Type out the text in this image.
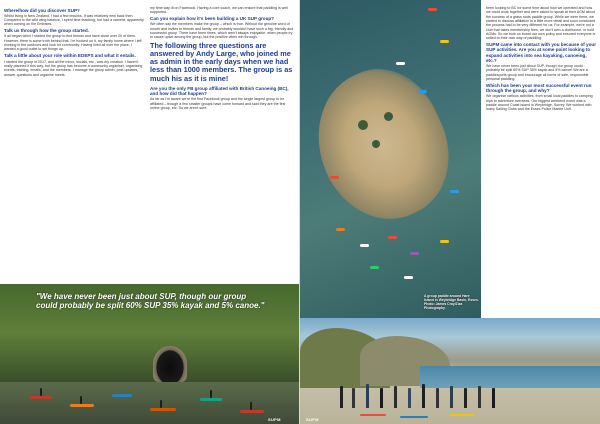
Where/how did you discover SUP?

Whilst living in New Zealand, I had a few lessons. It was relatively new back then. Compared to the wild wing balance, I spent time teaching, but had a camera, apparently when coming on the Emirates.

Talk us through how the group started.

It all began when I started the group to find friends and have close over 20 of them. However, there is some truth behind that. I'm hooked on it, my family home where I left working in the outdoors and look for community. Having lived all over the place, I wanted a good outlet to set things up.

Talk a little about your role within EDEPS and what it entails.

I started the group in 2017, and all the inbox, socials, etc., was my creation. I haven't really planned it this way, but the group has become a community organiser, organising events, training, emails, and the members. I manage the group admin, post updates, answer questions and organise meets.

my time way lit on Facebook. Having a core coach, we can ensure that paddling is well supported.

Can you explain how it's been building a UK SUP group?

We often say the members make the group – which is true. Without the genuine word of mouth and invites to friends and family, we probably wouldn't have such a big, friendly and successful group. There have been times, which aren't always enjoyable, when people try to cause upset among the group, but the positive vibes win through.

The following three questions are answered by Andy Large, who joined me as admin in the early days when we had less than 1000 members. The group is as much his as it is mine!
Are you the only FB group affiliated with British Canoeing (BC), and how did that happen?

As far as I'm aware we're the first Facebook group and the single largest group to be affiliated – though a few smaller groups have come forward and said they are the first online group, etc. So we aren't sure.

"We have never been just about SUP, though our group could probably be split 60% SUP 35% kayak and 5% canoe."
SUPM
A group paddle around Hare Island in Weybridge Basin, Essex. Photo: James Cray/Ziza Photography.

been looking to BC for some time about how we operated and how we could work together and were asked to speak at their AGM about the success of a grass roots paddle group. While we were there, we started to discuss affiliation in a little more detail and soon concluded the process had to be very different for us. For example, we're not a club that takes membership fees, we don't own a clubhouse, or hold AGMs. So we took on board our own policy and ensured everyone is suited to their own way of paddling.

SUPM came into contact with you because of your SUP activities. Are you at some point looking to expand activities into sea kayaking, canoeing, etc.?

We have never been just about SUP, though our group could probably be split 60% SUP 35% kayak and 5% canoe! We are a paddlesports group and encourage all forms of safe, responsible personal paddling.

Which has been your most successful event run through the group, and why?

We organise various activities, from small local paddles to camping trips to adventure overseas. Our biggest weekend event was a paddle around Coast Island in Weybridge, Surrey. We worked with many Sailing Clubs and the Essex Police Marine Unit.

SUPM
